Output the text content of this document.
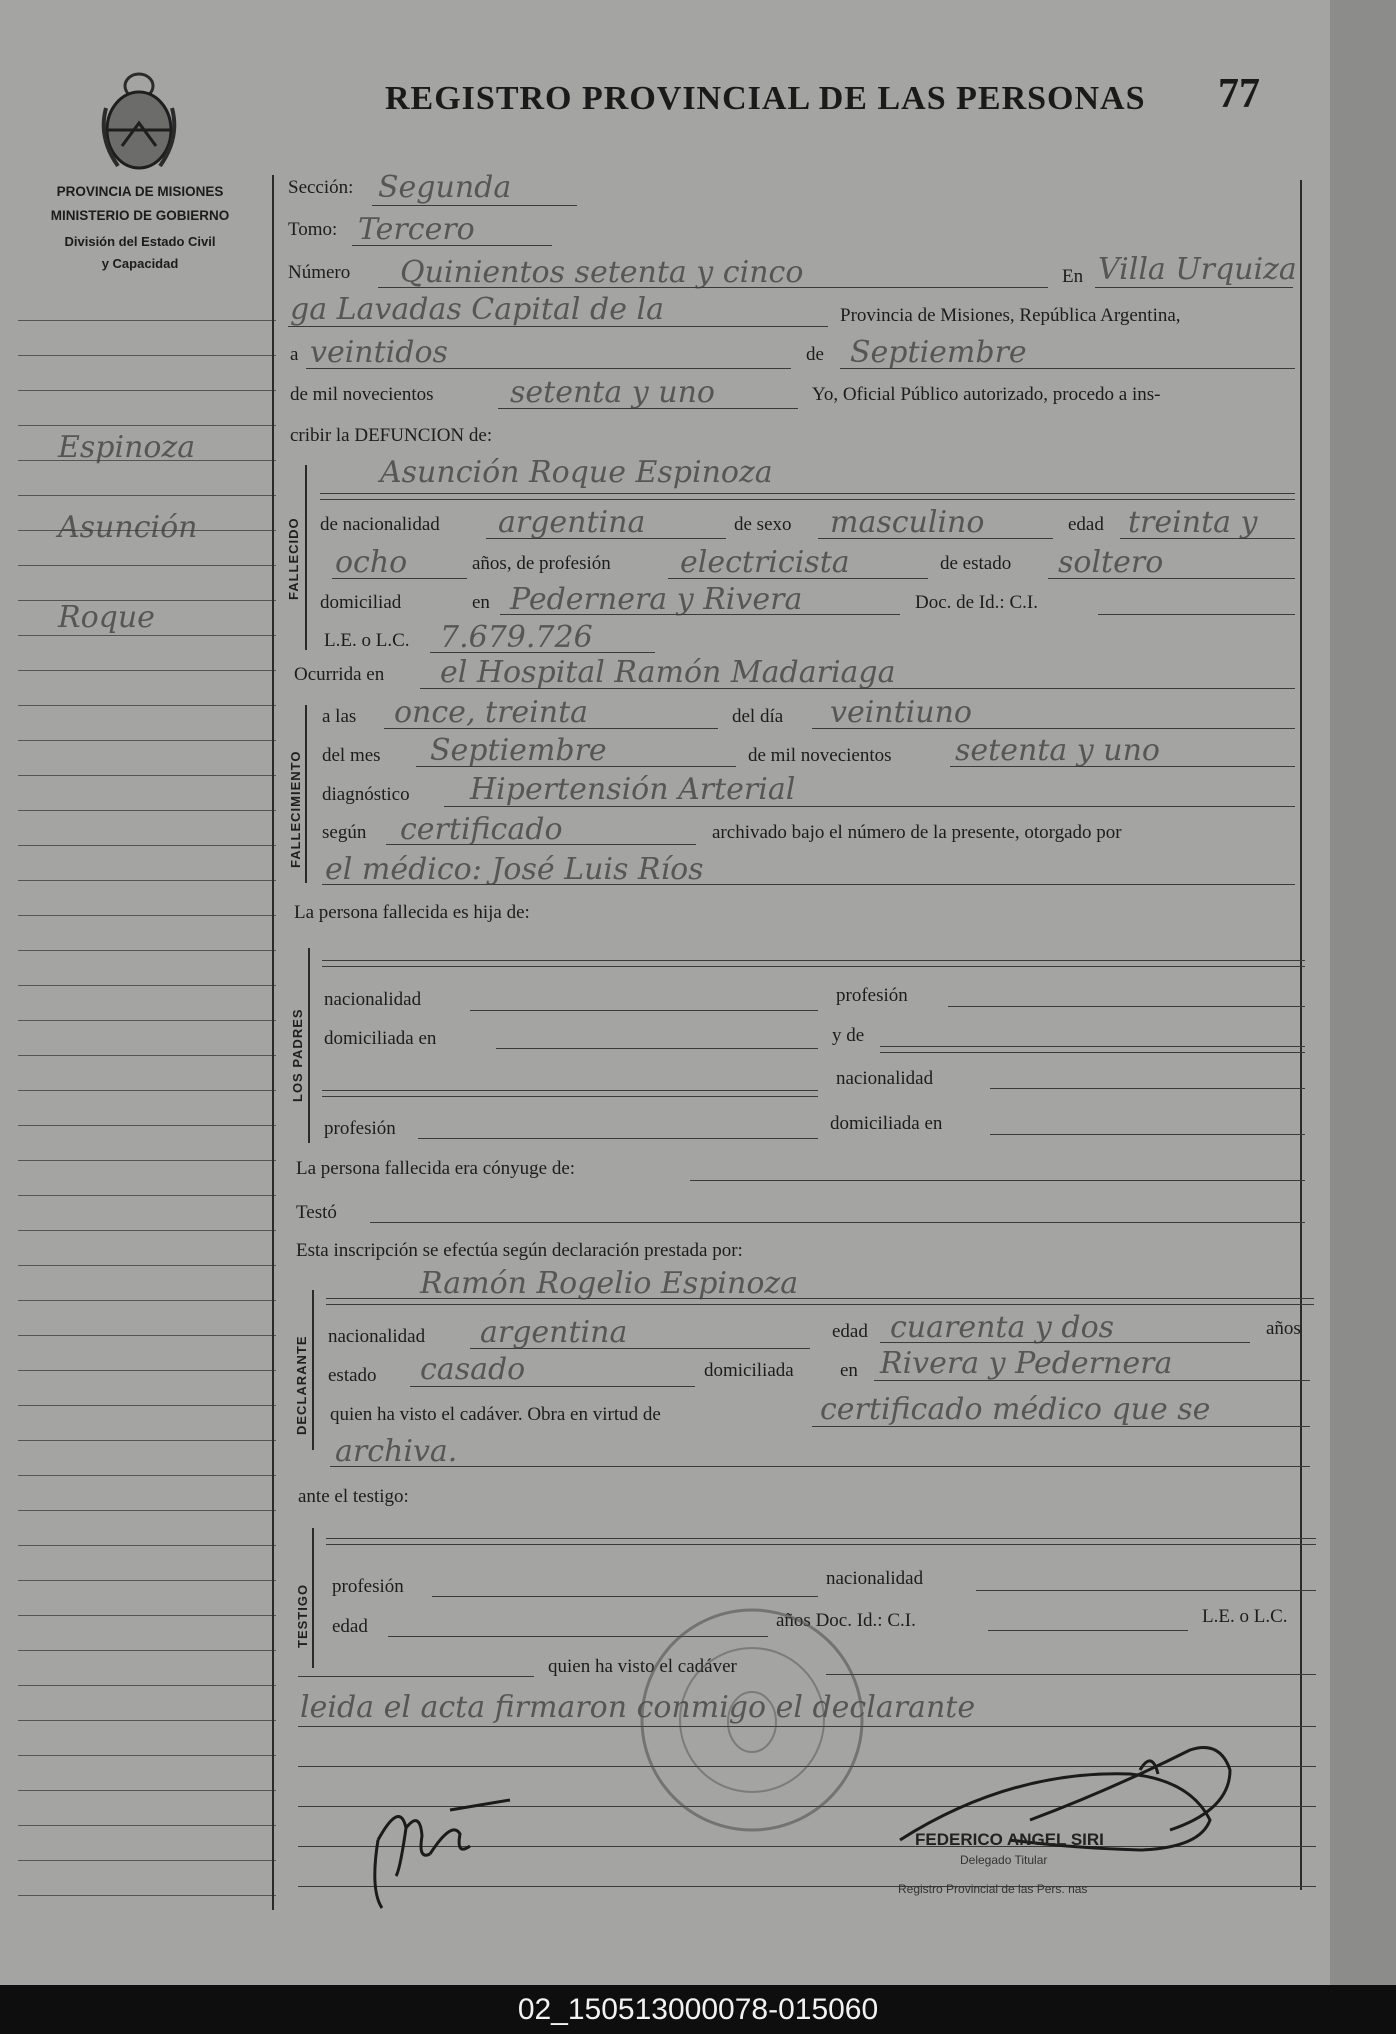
PROVINCIA DE MISIONES
MINISTERIO DE GOBIERNO
División del Estado Civil
y Capacidad
REGISTRO PROVINCIAL DE LAS PERSONAS 77
Espinoza
Asunción
Roque
Sección: Segunda
Tomo: Tercero
Número Quinientos setenta y cinco	En Villa Urquiza
ga Lavadas Capital de la	Provincia de Misiones, República Argentina,
a veintidos	de Septiembre
de mil novecientos	setenta y uno	Yo, Oficial Público autorizado, procedo a ins-
cribir la DEFUNCION de:
FALLECIDO
Asunción Roque Espinoza
de nacionalidad argentina	de sexo masculino	edad treinta y
ocho	años, de profesión electricista	de estado soltero
domiciliad	en Pedernera y Rivera	Doc. de Id.: C.I.
L.E. o L.C. 7.679.726
Ocurrida en el Hospital Ramón Madariaga
FALLECIMIENTO
a las once, treinta	del día veintiuno
del mes Septiembre	de mil novecientos setenta y uno
diagnóstico Hipertensión Arterial
según certificado	archivado bajo el número de la presente, otorgado por
el médico: José Luis Ríos
La persona fallecida es hija de:
LOS PADRES
nacionalidad	profesión
domiciliada en	y de
nacionalidad
profesión	domiciliada en
La persona fallecida era cónyuge de:
Testó
Esta inscripción se efectúa según declaración prestada por:
DECLARANTE
Ramón Rogelio Espinoza
nacionalidad argentina	edad cuarenta y dos	años
estado casado	domiciliada en Rivera y Pedernera
quien ha visto el cadáver. Obra en virtud de	certificado médico que se
archiva.
ante el testigo:
TESTIGO profesión	nacionalidad
edad	años Doc. Id.: C.I.	L.E. o L.C.
quien ha visto el cadáver
leida el acta firmaron conmigo el declarante
FEDERICO ANGEL SIRI
Delegado Titular
Registro Provincial de las Pers. nas
02_150513000078-015060
